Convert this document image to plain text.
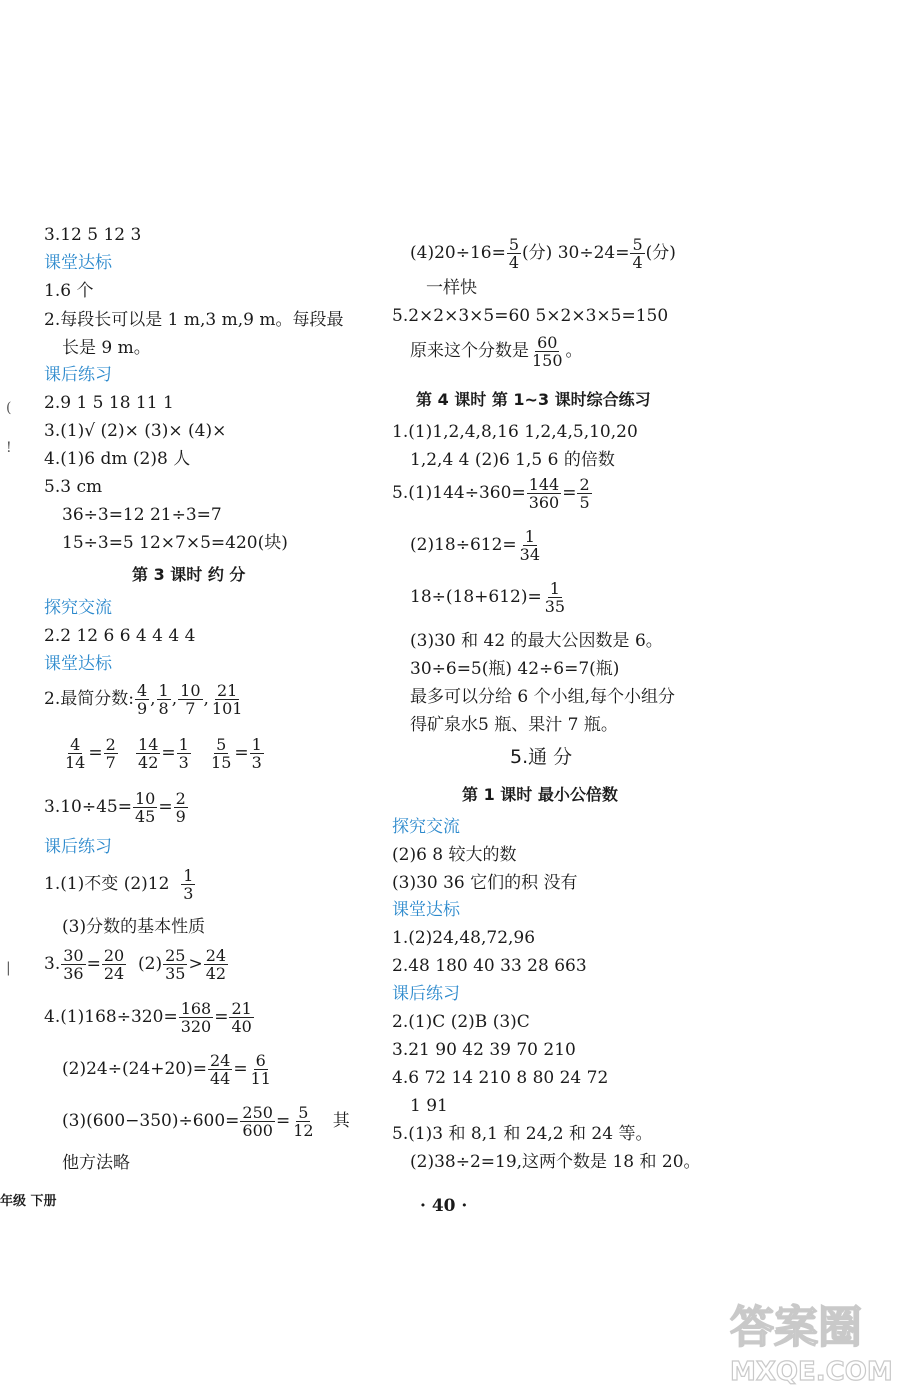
3.12 5 12 3
课堂达标
1.6 个
2.每段长可以是 1 m,3 m,9 m。每段最
长是 9 m。
课后练习
2.9 1 5 18 11 1
3.(1)√ (2)× (3)× (4)×
4.(1)6 dm (2)8 人
5.3 cm
36÷3=12 21÷3=7
15÷3=5 12×7×5=420(块)
第 3 课时 约 分
探究交流
2.2 12 6 6 4 4 4 4
课堂达标
2.最简分数: $\frac{4}{9}$ , $\frac{1}{8}$ , $\frac{10}{7}$ , $\frac{21}{101}$
$\frac{4}{14} = \frac{2}{7}$
$\frac{14}{42} = \frac{1}{3}$
$\frac{5}{15} = \frac{1}{3}$
$3.10\div 45= \frac{10}{45} = \frac{2}{9}$
课后练习
1.(1)不变 $(2)12 \frac{1}{3}$
(3)分数的基本性质
3. $\frac{30}{36} = \frac{20}{24} (2) \frac{25}{35} > \frac{24}{42}$
$4.(1)168\div 320= \frac{168}{320} = \frac{21}{40}$
$(2)24\div(24+20)= \frac{24}{44} = \frac{6}{11}$
$(3)(600-350)\div 600= \frac{250}{600} = \frac{5}{12}$ 其
他方法略
$(4)20\div 16= \frac{5}{4}$ (分) $30\div 24= \frac{5}{4}$ (分)
一样快
5.2×2×3×5=60 5×2×3×5=150
原来这个分数是 $\frac{60}{150}$ 。
第 4 课时 第 1~3 课时综合练习
1.(1)1,2,4,8,16 1,2,4,5,10,20
1,2,4 4 (2)6 1,5 6 的倍数
$5.(1)144\div 360= \frac{144}{360} = \frac{2}{5}$
$(2)18\div 612= \frac{1}{34}$
$18\div(18+612)= \frac{1}{35}$
(3)30 和 42 的最大公因数是 6。
30÷6=5(瓶) 42÷6=7(瓶)
最多可以分给 6 个小组,每个小组分
得矿泉水5 瓶、果汁 7 瓶。
5.通 分
第 1 课时 最小公倍数
探究交流
(2)6 8 较大的数
(3)30 36 它们的积 没有
课堂达标
1.(2)24,48,72,96
2.48 180 40 33 28 663
课后练习
2.(1)C (2)B (3)C
3.21 90 42 39 70 210
4.6 72 14 210 8 80 24 72
1 91
5.(1)3 和 8,1 和 24,2 和 24 等。
(2)38÷2=19,这两个数是 18 和 20。
(
!
|
年级 下册	· 40 ·
答案圈
MXQE.COM
